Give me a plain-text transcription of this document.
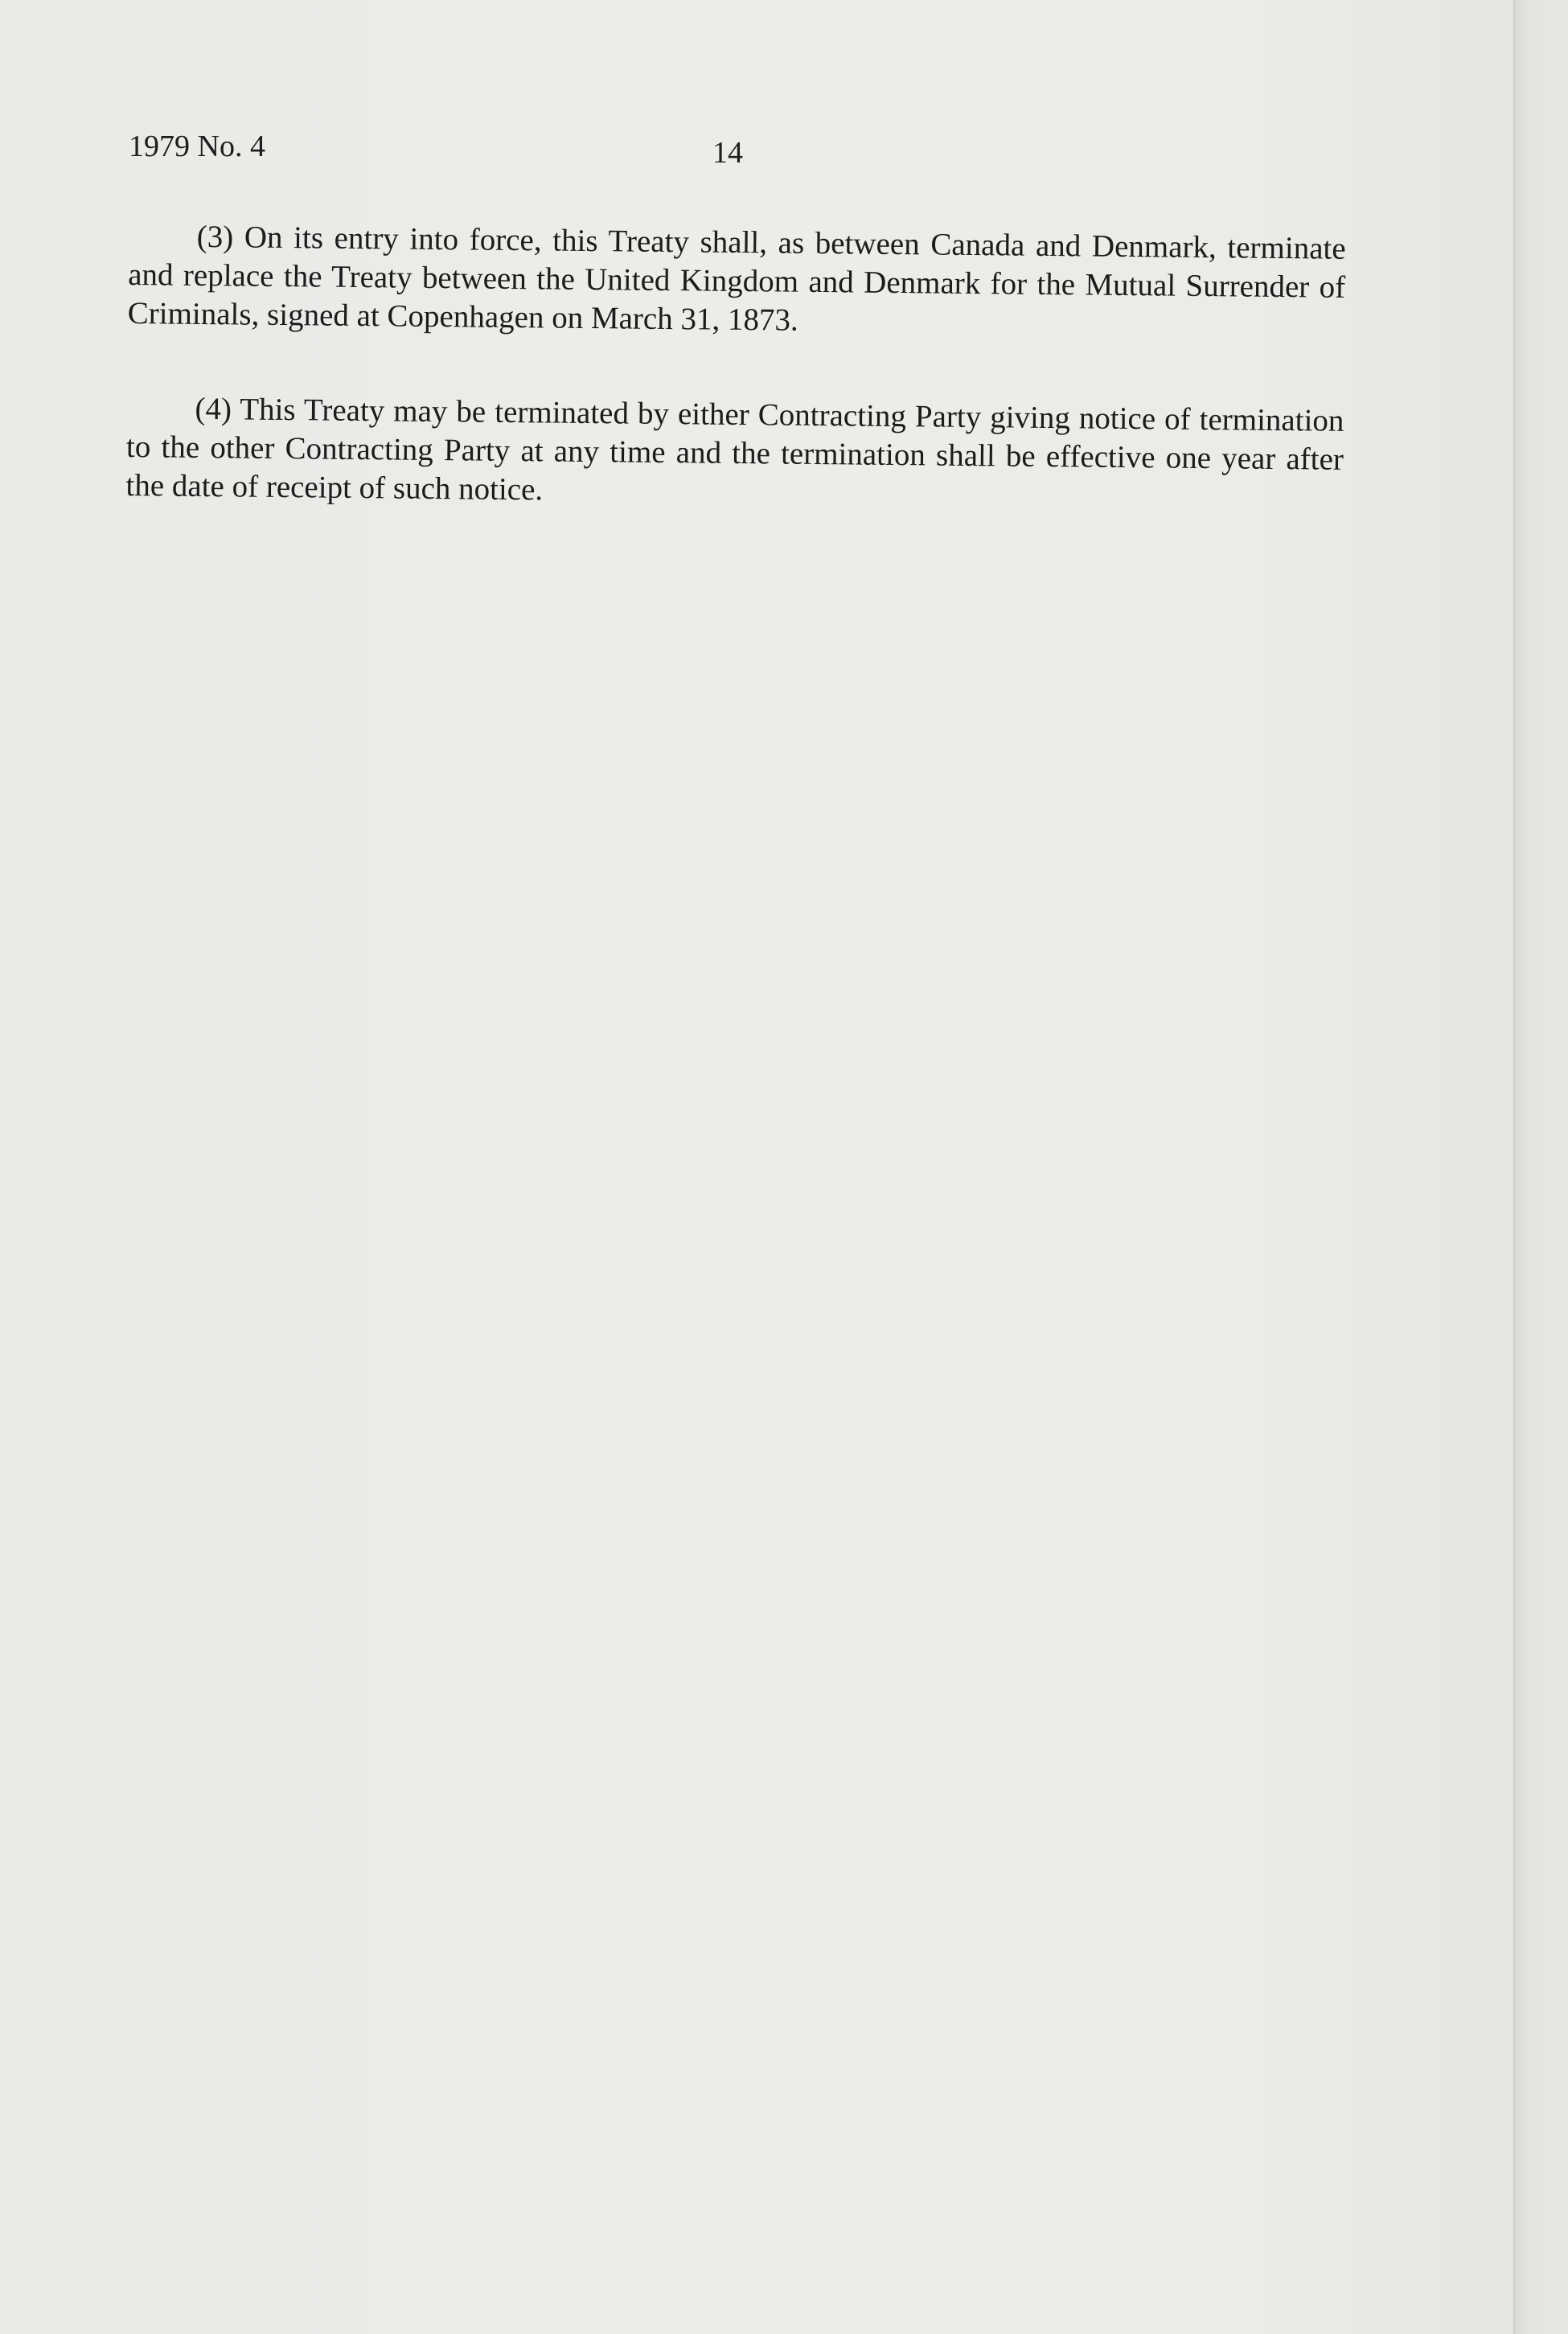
1979 No. 4	14

(3) On its entry into force, this Treaty shall, as between Canada and Denmark, terminate and replace the Treaty between the United Kingdom and Denmark for the Mutual Surrender of Criminals, signed at Copenhagen on March 31, 1873.

(4) This Treaty may be terminated by either Contracting Party giving notice of termination to the other Contracting Party at any time and the termination shall be effective one year after the date of receipt of such notice.
